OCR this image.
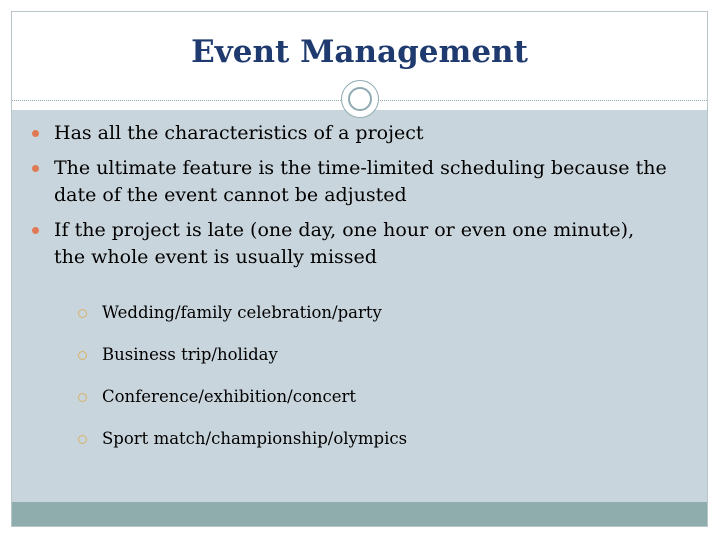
Event Management
Has all the characteristics of a project
The ultimate feature is the time-limited scheduling because the date of the event cannot be adjusted
If the project is late (one day, one hour or even one minute), the whole event is usually missed
Wedding/family celebration/party
Business trip/holiday
Conference/exhibition/concert
Sport match/championship/olympics
